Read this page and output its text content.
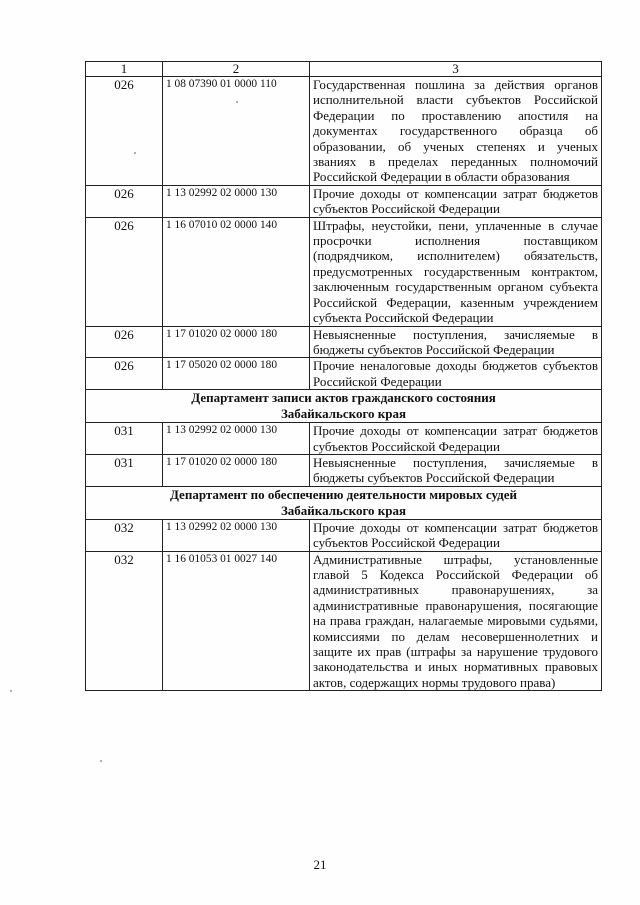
1	2	3
026	1 08 07390 01 0000 110	Государственная пошлина за действия органов исполнительной власти субъектов Российской Федерации по проставлению апостиля на документах государственного образца об образовании, об ученых степенях и ученых званиях в пределах переданных полномочий Российской Федерации в области образования
026	1 13 02992 02 0000 130	Прочие доходы от компенсации затрат бюджетов субъектов Российской Федерации
026	1 16 07010 02 0000 140	Штрафы, неустойки, пени, уплаченные в случае просрочки исполнения поставщиком (подрядчиком, исполнителем) обязательств, предусмотренных государственным контрактом, заключенным государственным органом субъекта Российской Федерации, казенным учреждением субъекта Российской Федерации
026	1 17 01020 02 0000 180	Невыясненные поступления, зачисляемые в бюджеты субъектов Российской Федерации
026	1 17 05020 02 0000 180	Прочие неналоговые доходы бюджетов субъектов Российской Федерации

Департамент записи актов гражданского состояния
Забайкальского края		

031	1 13 02992 02 0000 130	Прочие доходы от компенсации затрат бюджетов субъектов Российской Федерации
031	1 17 01020 02 0000 180	Невыясненные поступления, зачисляемые в бюджеты субъектов Российской Федерации

Департамент по обеспечению деятельности мировых судей
Забайкальского края		

032	1 13 02992 02 0000 130	Прочие доходы от компенсации затрат бюджетов субъектов Российской Федерации
032	1 16 01053 01 0027 140	Административные штрафы, установленные главой 5 Кодекса Российской Федерации об административных правонарушениях, за административные правонарушения, посягающие на права граждан, налагаемые мировыми судьями, комиссиями по делам несовершеннолетних и защите их прав (штрафы за нарушение трудового законодательства и иных нормативных правовых актов, содержащих нормы трудового права)
21
